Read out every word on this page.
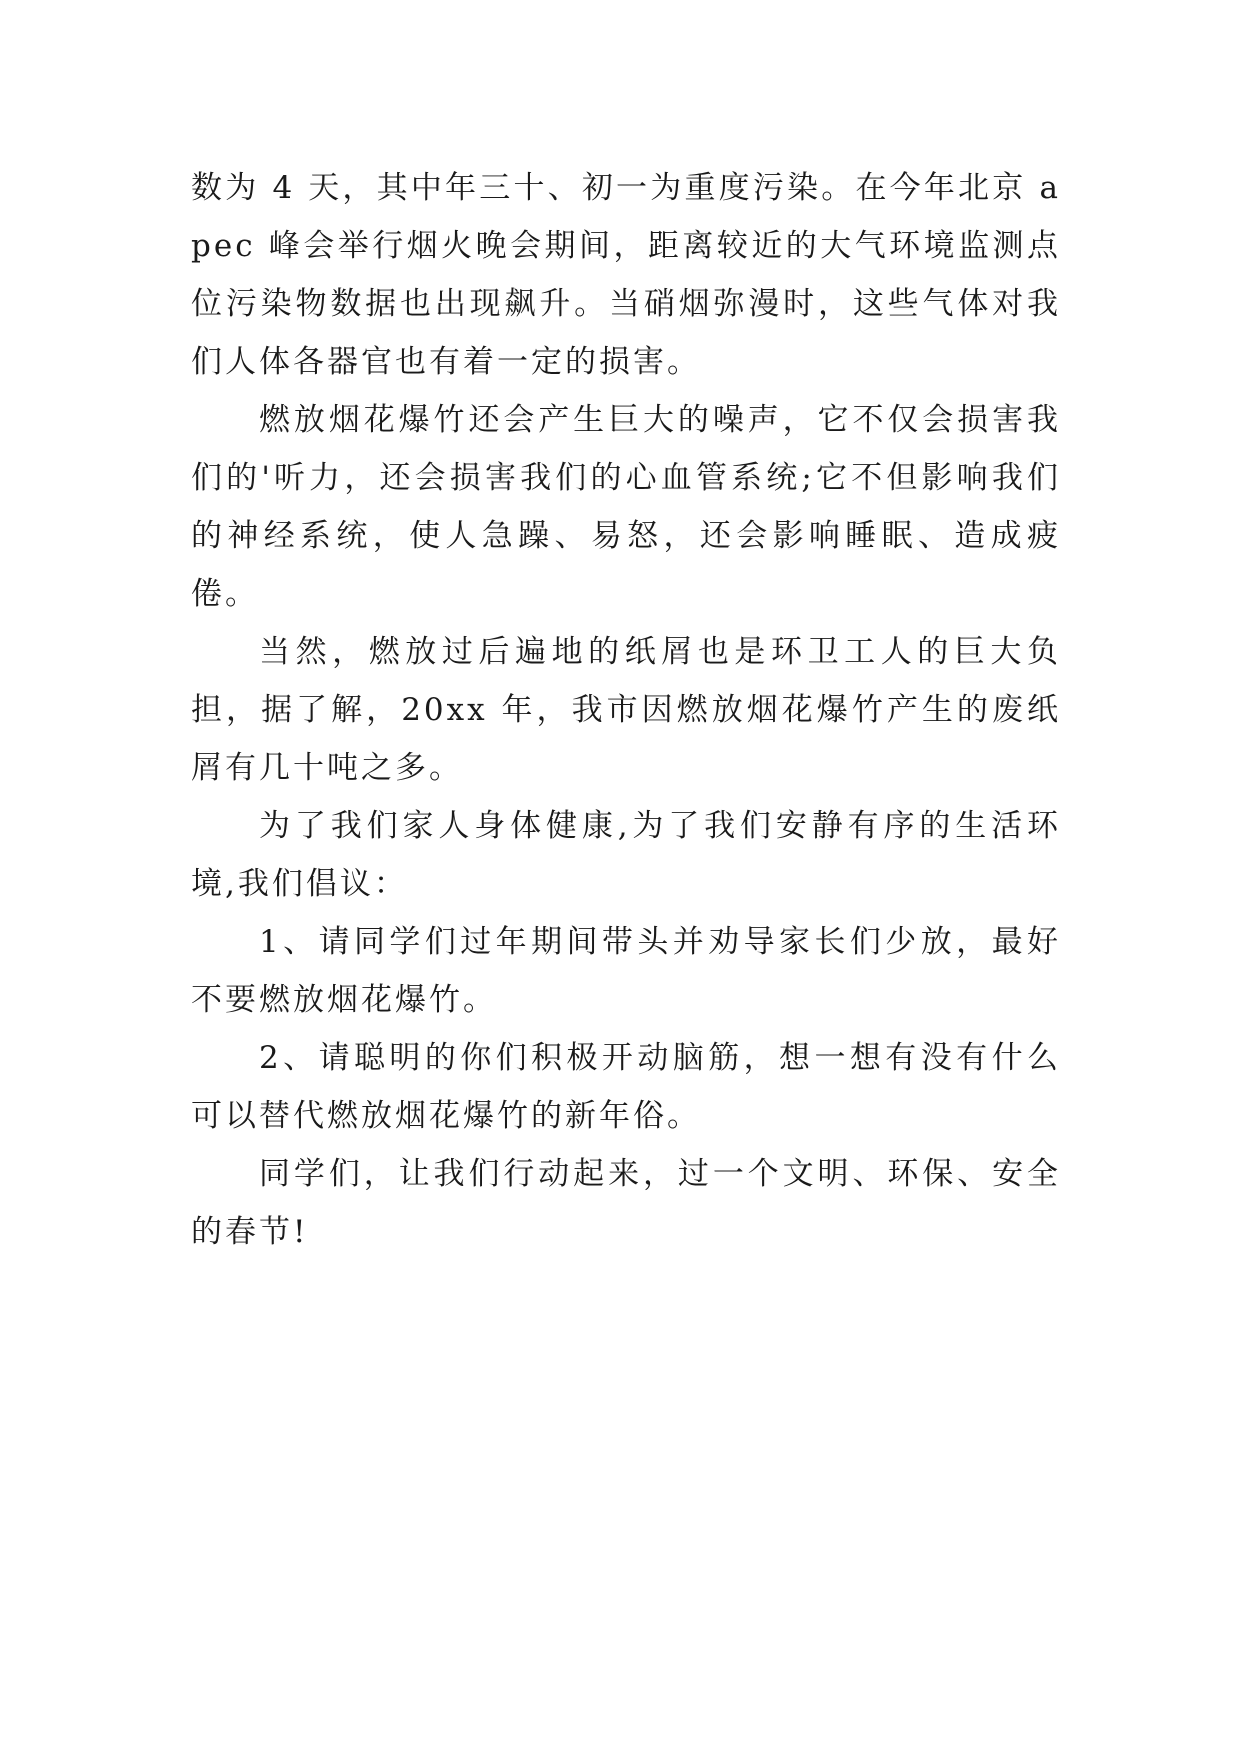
数为 4 天，其中年三十、初一为重度污染。在今年北京 apec 峰会举行烟火晚会期间，距离较近的大气环境监测点位污染物数据也出现飙升。当硝烟弥漫时，这些气体对我们人体各器官也有着一定的损害。

燃放烟花爆竹还会产生巨大的噪声，它不仅会损害我们的'听力，还会损害我们的心血管系统;它不但影响我们的神经系统，使人急躁、易怒，还会影响睡眠、造成疲倦。

当然，燃放过后遍地的纸屑也是环卫工人的巨大负担，据了解，20xx 年，我市因燃放烟花爆竹产生的废纸屑有几十吨之多。

为了我们家人身体健康,为了我们安静有序的生活环境,我们倡议：

1、请同学们过年期间带头并劝导家长们少放，最好不要燃放烟花爆竹。

2、请聪明的你们积极开动脑筋，想一想有没有什么可以替代燃放烟花爆竹的新年俗。

同学们，让我们行动起来，过一个文明、环保、安全的春节!
